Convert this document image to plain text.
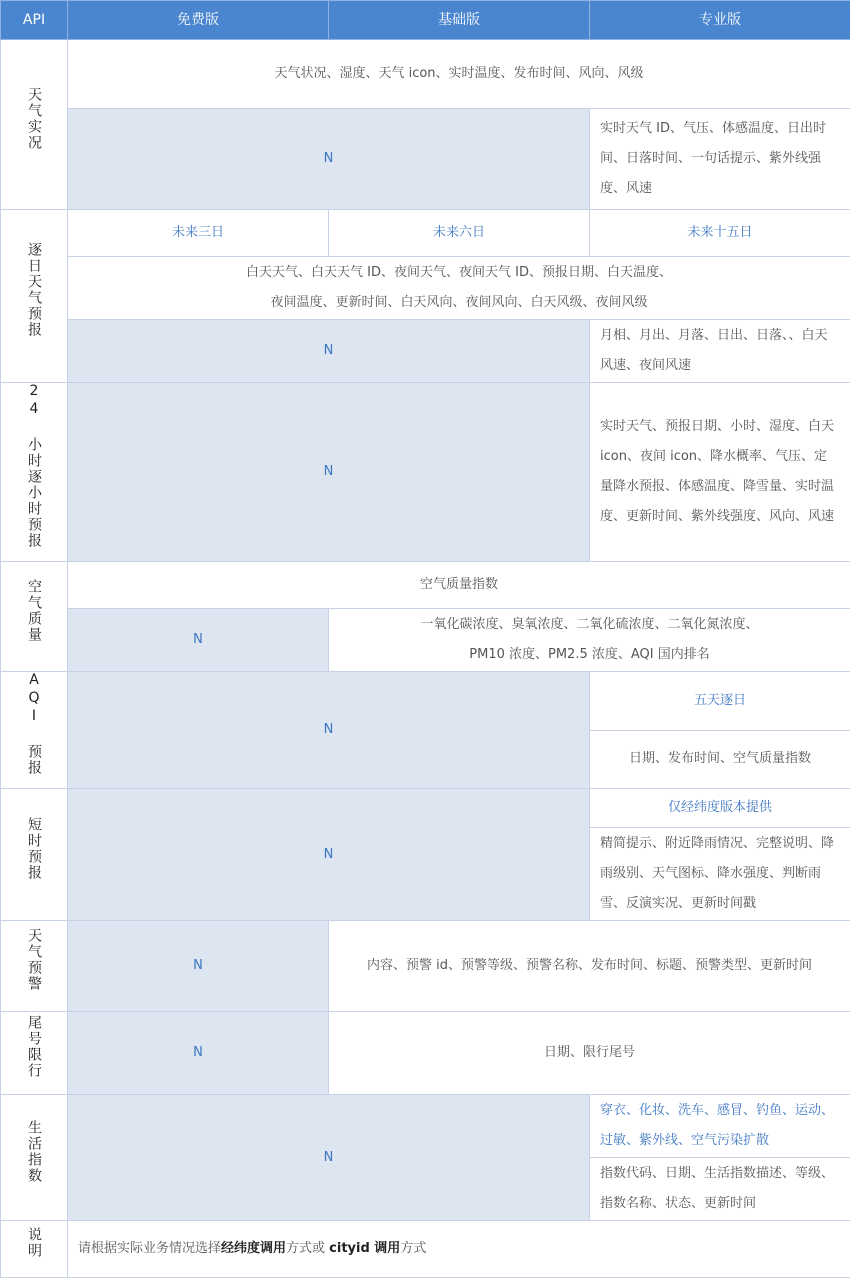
API	免费版	基础版	专业版
天气实况	天气状况、湿度、天气 icon、实时温度、发布时间、风向、风级		
	N		实时天气 ID、气压、体感温度、日出时间、日落时间、一句话提示、紫外线强度、风速
逐日天气预报	未来三日	未来六日	未来十五日

	白天天气、白天天气 ID、夜间天气、夜间天气 ID、预报日期、白天温度、
夜间温度、更新时间、白天风向、夜间风向、白天风级、夜间风级		

	N		月相、月出、月落、日出、日落、、白天风速、夜间风速
24 小时逐小时预报	N		实时天气、预报日期、小时、湿度、白天 icon、夜间 icon、降水概率、气压、定量降水预报、体感温度、降雪量、实时温度、更新时间、紫外线强度、风向、风速
空气质量	空气质量指数		
	N	一氧化碳浓度、臭氧浓度、二氧化硫浓度、二氧化氮浓度、
PM10 浓度、PM2.5 浓度、AQI 国内排名	

AQI 预报	N		五天逐日
			日期、发布时间、空气质量指数
短时预报	N		仅经纬度版本提供
			精简提示、附近降雨情况、完整说明、降雨级别、天气图标、降水强度、判断雨雪、反演实况、更新时间戳
天气预警	N	内容、预警 id、预警等级、预警名称、发布时间、标题、预警类型、更新时间	
尾号限行	N	日期、限行尾号	
生活指数	N		穿衣、化妆、洗车、感冒、钓鱼、运动、过敏、紫外线、空气污染扩散
			指数代码、日期、生活指数描述、等级、指数名称、状态、更新时间
说明	请根据实际业务情况选择经纬度调用方式或 cityid 调用方式		
